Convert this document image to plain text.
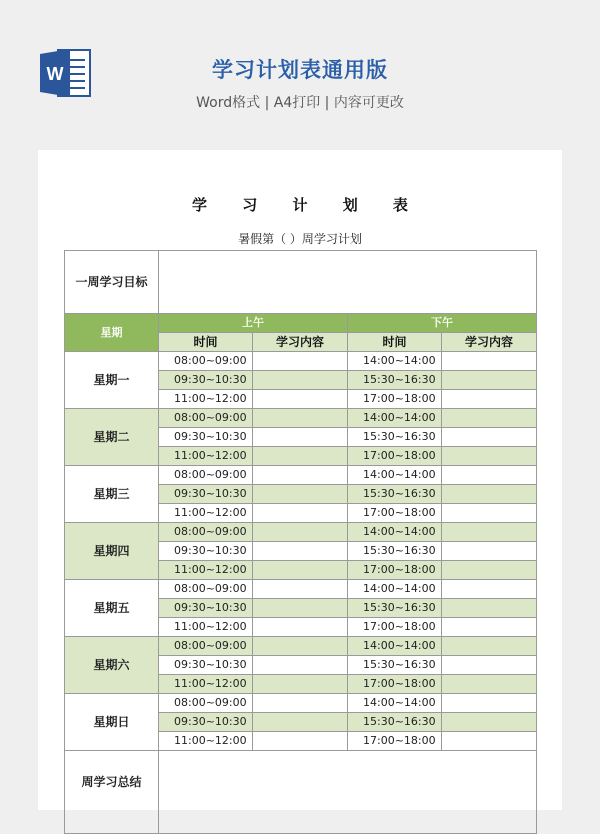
W	学习计划表通用版
Word格式 | A4打印 | 内容可更改
学 习 计 划 表
暑假第（ ）周学习计划
一周学习目标				
星期	上午		下午	
	时间	学习内容	时间	学习内容
星期一	08:00~09:00		14:00~14:00	
	09:30~10:30		15:30~16:30	
	11:00~12:00		17:00~18:00	
星期二	08:00~09:00		14:00~14:00	
	09:30~10:30		15:30~16:30	
	11:00~12:00		17:00~18:00	
星期三	08:00~09:00		14:00~14:00	
	09:30~10:30		15:30~16:30	
	11:00~12:00		17:00~18:00	
星期四	08:00~09:00		14:00~14:00	
	09:30~10:30		15:30~16:30	
	11:00~12:00		17:00~18:00	
星期五	08:00~09:00		14:00~14:00	
	09:30~10:30		15:30~16:30	
	11:00~12:00		17:00~18:00	
星期六	08:00~09:00		14:00~14:00	
	09:30~10:30		15:30~16:30	
	11:00~12:00		17:00~18:00	
星期日	08:00~09:00		14:00~14:00	
	09:30~10:30		15:30~16:30	
	11:00~12:00		17:00~18:00	
周学习总结				
